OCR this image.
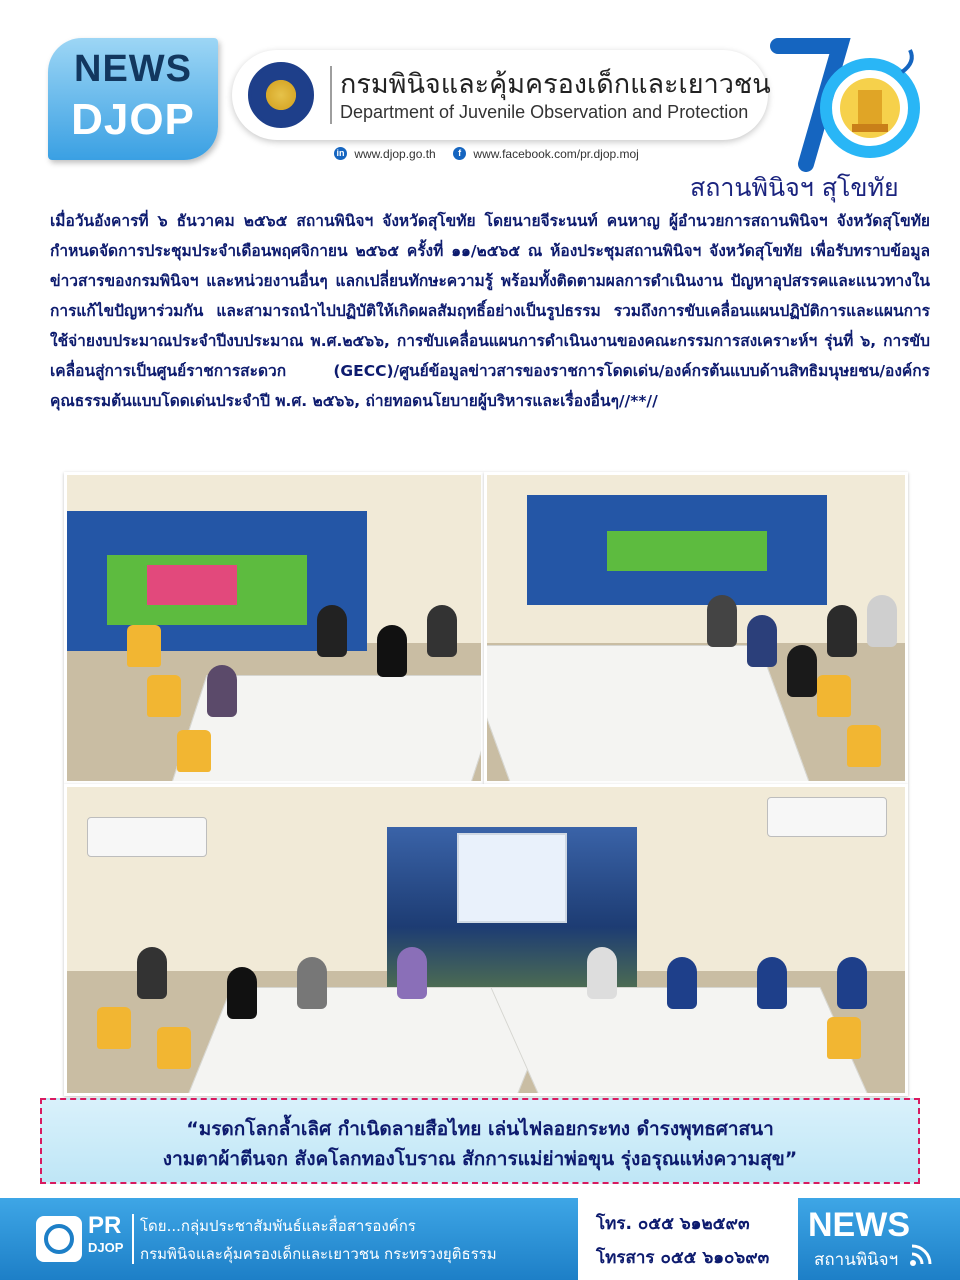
NEWS
DJOP
กรมพินิจและคุ้มครองเด็กและเยาวชน
Department of Juvenile Observation and Protection
in www.djop.go.th f www.facebook.com/pr.djop.moj
สถานพินิจฯ สุโขทัย
เมื่อวันอังคารที่ ๖ ธันวาคม ๒๕๖๕ สถานพินิจฯ จังหวัดสุโขทัย โดยนายจีระนนท์ คนหาญ ผู้อำนวยการสถานพินิจฯ จังหวัดสุโขทัย กำหนดจัดการประชุมประจำเดือนพฤศจิกายน ๒๕๖๕ ครั้งที่ ๑๑/๒๕๖๕ ณ ห้องประชุมสถานพินิจฯ จังหวัดสุโขทัย เพื่อรับทราบข้อมูลข่าวสารของกรมพินิจฯ และหน่วยงานอื่นๆ แลกเปลี่ยนทักษะความรู้ พร้อมทั้งติดตามผลการดำเนินงาน ปัญหาอุปสรรคและแนวทางในการแก้ไขปัญหาร่วมกัน และสามารถนำไปปฏิบัติให้เกิดผลสัมฤทธิ์อย่างเป็นรูปธรรม รวมถึงการขับเคลื่อนแผนปฏิบัติการและแผนการใช้จ่ายงบประมาณประจำปีงบประมาณ พ.ศ.๒๕๖๖, การขับเคลื่อนแผนการดำเนินงานของคณะกรรมการสงเคราะห์ฯ รุ่นที่ ๖, การขับเคลื่อนสู่การเป็นศูนย์ราชการสะดวก (GECC)/ศูนย์ข้อมูลข่าวสารของราชการโดดเด่น/องค์กรต้นแบบด้านสิทธิมนุษยชน/องค์กรคุณธรรมต้นแบบโดดเด่นประจำปี พ.ศ. ๒๕๖๖, ถ่ายทอดนโยบายผู้บริหารและเรื่องอื่นๆ//**//
“มรดกโลกล้ำเลิศ กำเนิดลายสือไทย เล่นไฟลอยกระทง ดำรงพุทธศาสนา
งามตาผ้าตีนจก สังคโลกทองโบราณ สักการแม่ย่าพ่อขุน รุ่งอรุณแห่งความสุข”
PR
DJOP
โดย...กลุ่มประชาสัมพันธ์และสื่อสารองค์กร
กรมพินิจและคุ้มครองเด็กและเยาวชน กระทรวงยุติธรรม
โทร. ๐๕๕ ๖๑๒๕๙๓
โทรสาร ๐๕๕ ๖๑๐๖๙๓
NEWS
สถานพินิจฯ
